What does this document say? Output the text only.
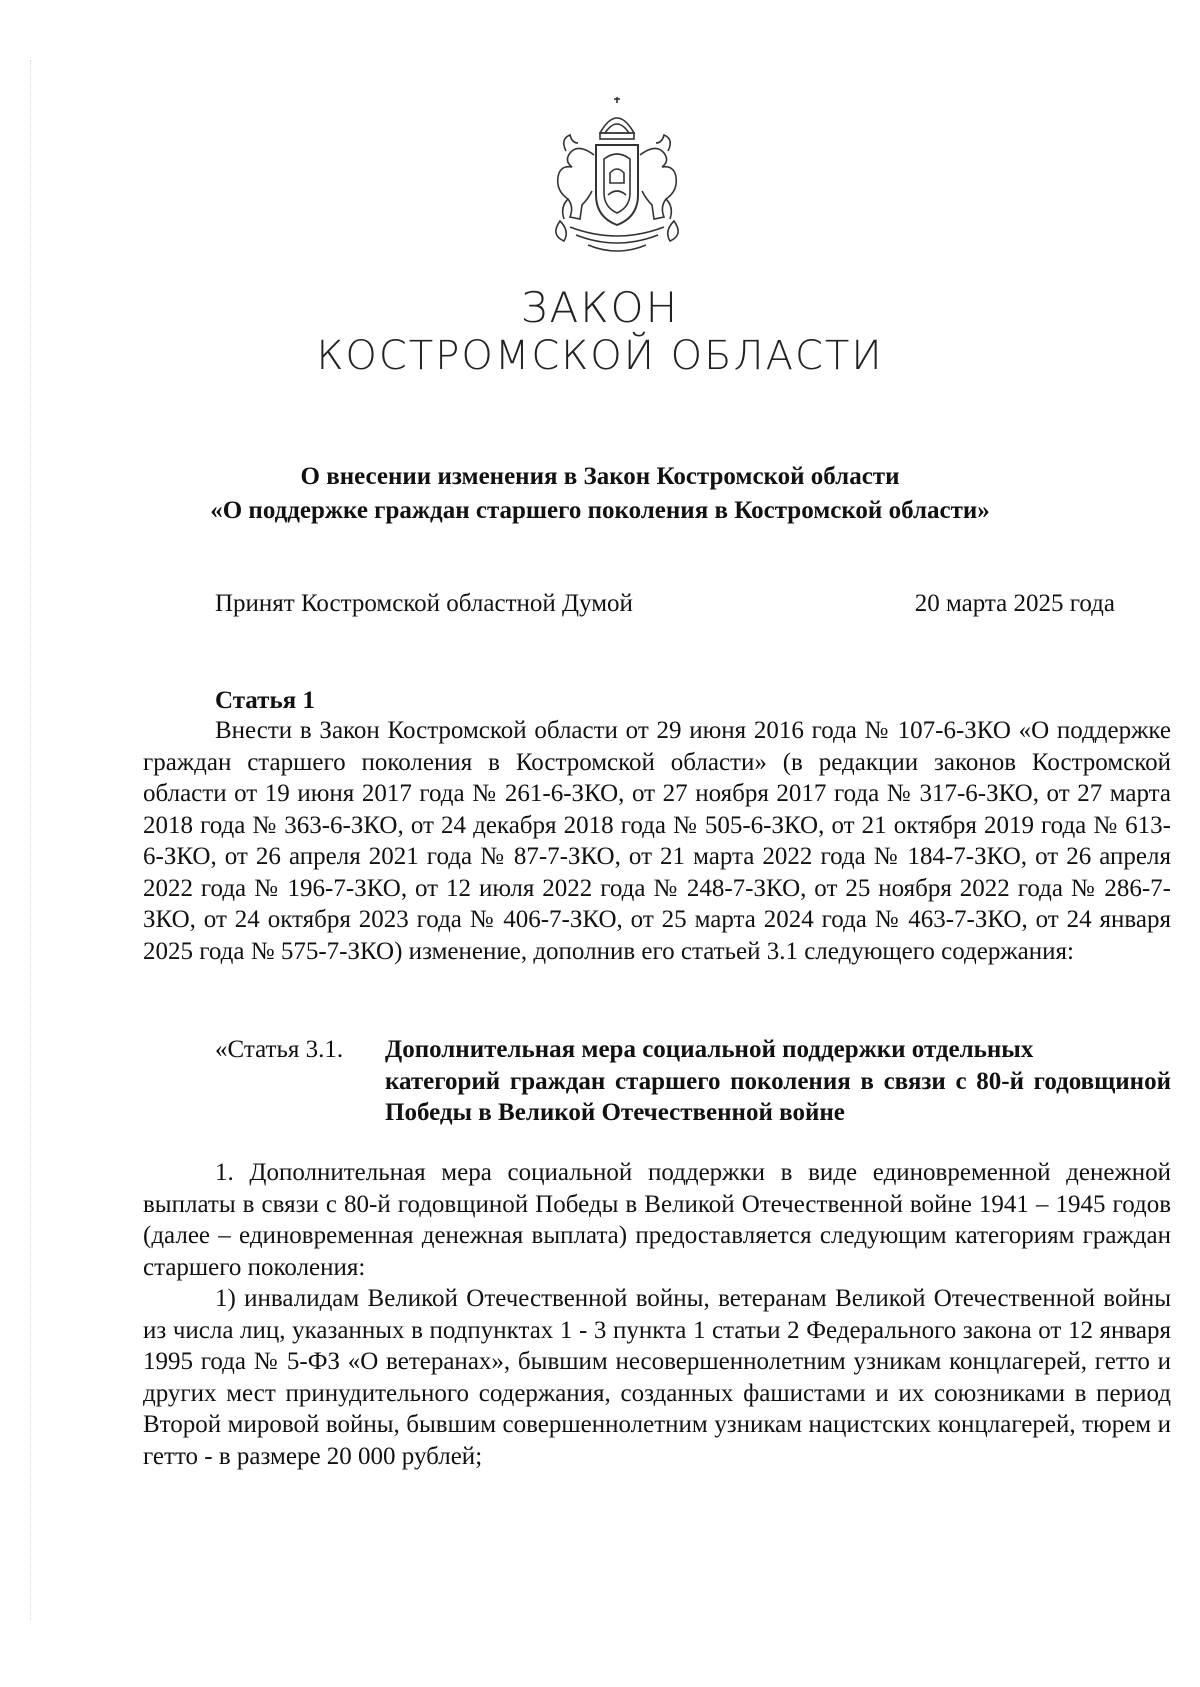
ЗАКОН
КОСТРОМСКОЙ ОБЛАСТИ
О внесении изменения в Закон Костромской области
«О поддержке граждан старшего поколения в Костромской области»
Принят Костромской областной Думой	20 марта 2025 года
Статья 1
Внести в Закон Костромской области от 29 июня 2016 года № 107-6-ЗКО «О поддержке граждан старшего поколения в Костромской области» (в редакции законов Костромской области от 19 июня 2017 года № 261-6-ЗКО, от 27 ноября 2017 года № 317-6-ЗКО, от 27 марта 2018 года № 363-6-ЗКО, от 24 декабря 2018 года № 505-6-ЗКО, от 21 октября 2019 года № 613-6-ЗКО, от 26 апреля 2021 года № 87-7-ЗКО, от 21 марта 2022 года № 184-7-ЗКО, от 26 апреля 2022 года № 196-7-ЗКО, от 12 июля 2022 года № 248-7-ЗКО, от 25 ноября 2022 года № 286-7-ЗКО, от 24 октября 2023 года № 406-7-ЗКО, от 25 марта 2024 года № 463-7-ЗКО, от 24 января 2025 года № 575-7-ЗКО) изменение, дополнив его статьей 3.1 следующего содержания:
«Статья 3.1. Дополнительная мера социальной поддержки отдельных
категорий граждан старшего поколения в связи с 80-й годовщиной Победы в Великой Отечественной войне
1. Дополнительная мера социальной поддержки в виде единовременной денежной выплаты в связи с 80-й годовщиной Победы в Великой Отечественной войне 1941 – 1945 годов (далее – единовременная денежная выплата) предоставляется следующим категориям граждан старшего поколения:
1) инвалидам Великой Отечественной войны, ветеранам Великой Отечественной войны из числа лиц, указанных в подпунктах 1 - 3 пункта 1 статьи 2 Федерального закона от 12 января 1995 года № 5-ФЗ «О ветеранах», бывшим несовершеннолетним узникам концлагерей, гетто и других мест принудительного содержания, созданных фашистами и их союзниками в период Второй мировой войны, бывшим совершеннолетним узникам нацистских концлагерей, тюрем и гетто - в размере 20 000 рублей;
